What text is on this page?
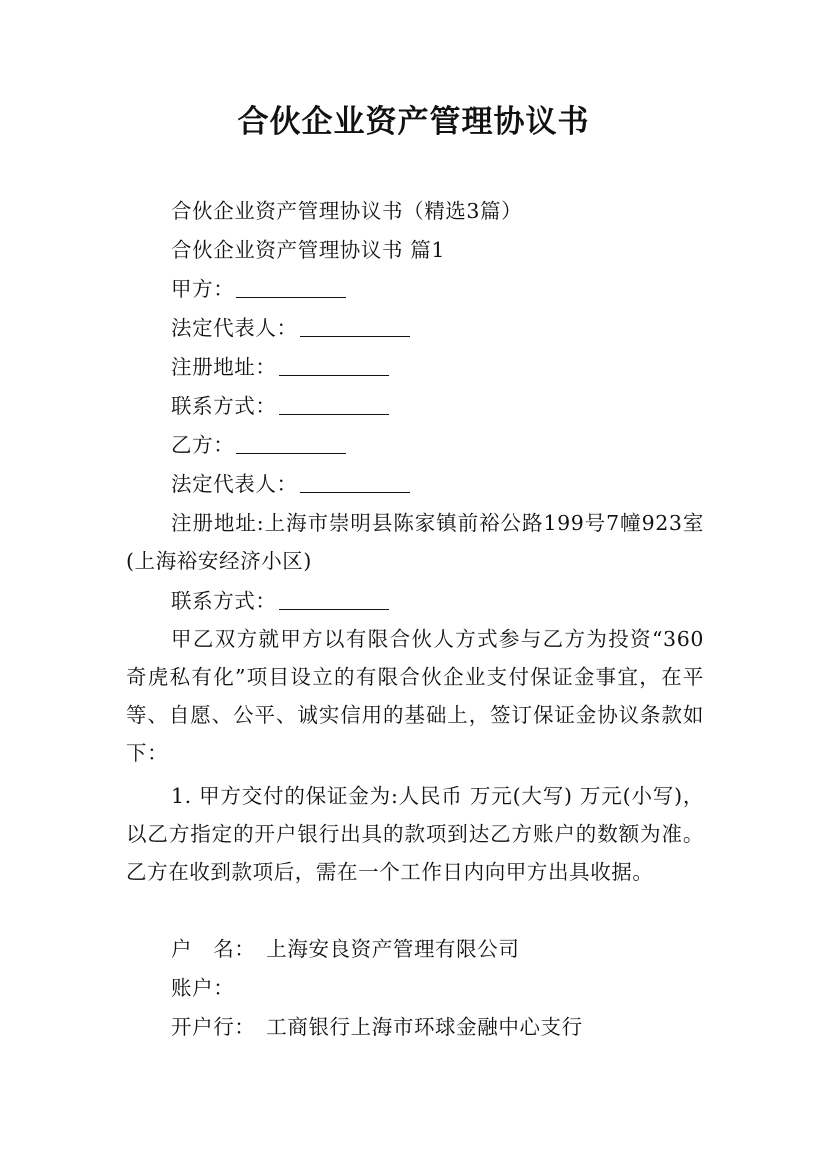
合伙企业资产管理协议书
合伙企业资产管理协议书（精选3篇）
合伙企业资产管理协议书 篇1
甲方：
法定代表人：
注册地址：
联系方式：
乙方：
法定代表人：

注册地址:上海市崇明县陈家镇前裕公路199号7幢923室(上海裕安经济小区)

联系方式：

甲乙双方就甲方以有限合伙人方式参与乙方为投资“360奇虎私有化”项目设立的有限合伙企业支付保证金事宜，在平等、自愿、公平、诚实信用的基础上，签订保证金协议条款如下：

1. 甲方交付的保证金为:人民币 万元(大写) 万元(小写)，以乙方指定的开户银行出具的款项到达乙方账户的数额为准。乙方在收到款项后，需在一个工作日内向甲方出具收据。

户　名：　上海安良资产管理有限公司
账户：
开户行：　工商银行上海市环球金融中心支行
